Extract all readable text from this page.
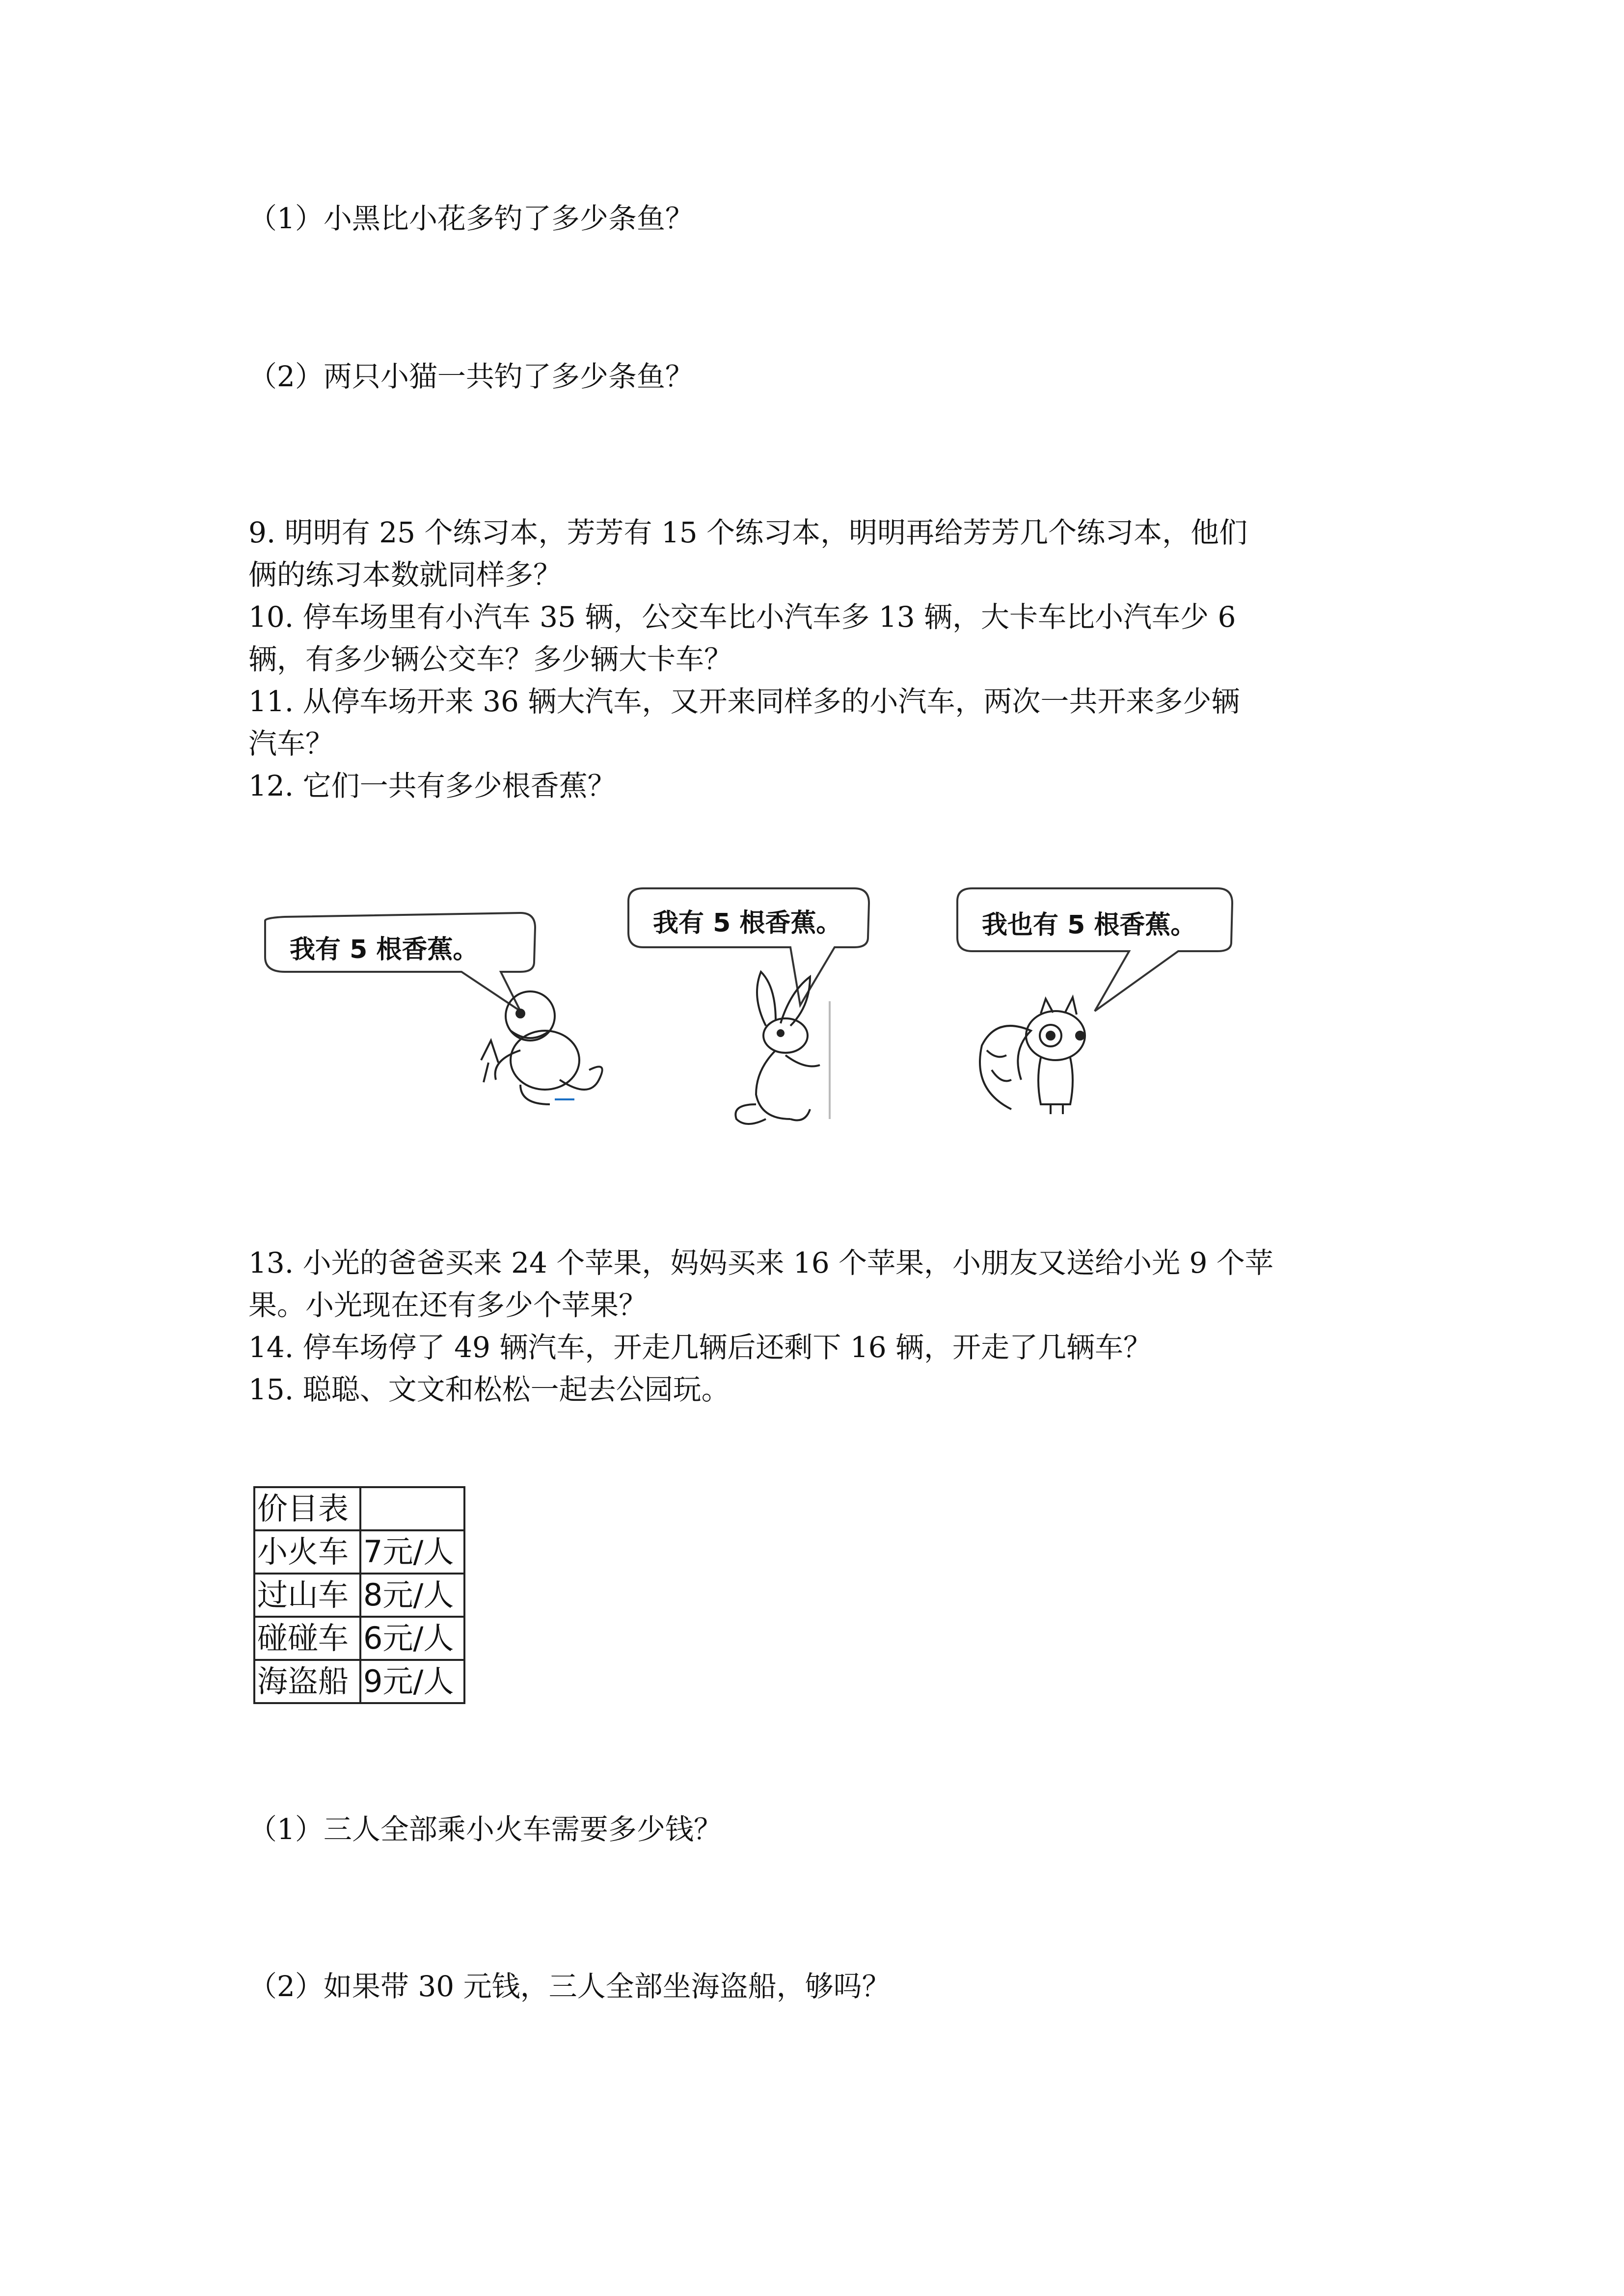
（1）小黑比小花多钓了多少条鱼？
（2）两只小猫一共钓了多少条鱼？
9. 明明有 25 个练习本，芳芳有 15 个练习本，明明再给芳芳几个练习本，他们
俩的练习本数就同样多？
10. 停车场里有小汽车 35 辆，公交车比小汽车多 13 辆，大卡车比小汽车少 6
辆，有多少辆公交车？多少辆大卡车？
11. 从停车场开来 36 辆大汽车，又开来同样多的小汽车，两次一共开来多少辆
汽车？
12. 它们一共有多少根香蕉？
我有 5 根香蕉。
我有 5 根香蕉。	我也有 5 根香蕉。
13. 小光的爸爸买来 24 个苹果，妈妈买来 16 个苹果，小朋友又送给小光 9 个苹
果。小光现在还有多少个苹果？
14. 停车场停了 49 辆汽车，开走几辆后还剩下 16 辆，开走了几辆车？
15. 聪聪、文文和松松一起去公园玩。
价目表	
小火车	7元/人
过山车	8元/人
碰碰车	6元/人
海盗船	9元/人
（1）三人全部乘小火车需要多少钱？
（2）如果带 30 元钱，三人全部坐海盗船，够吗？
